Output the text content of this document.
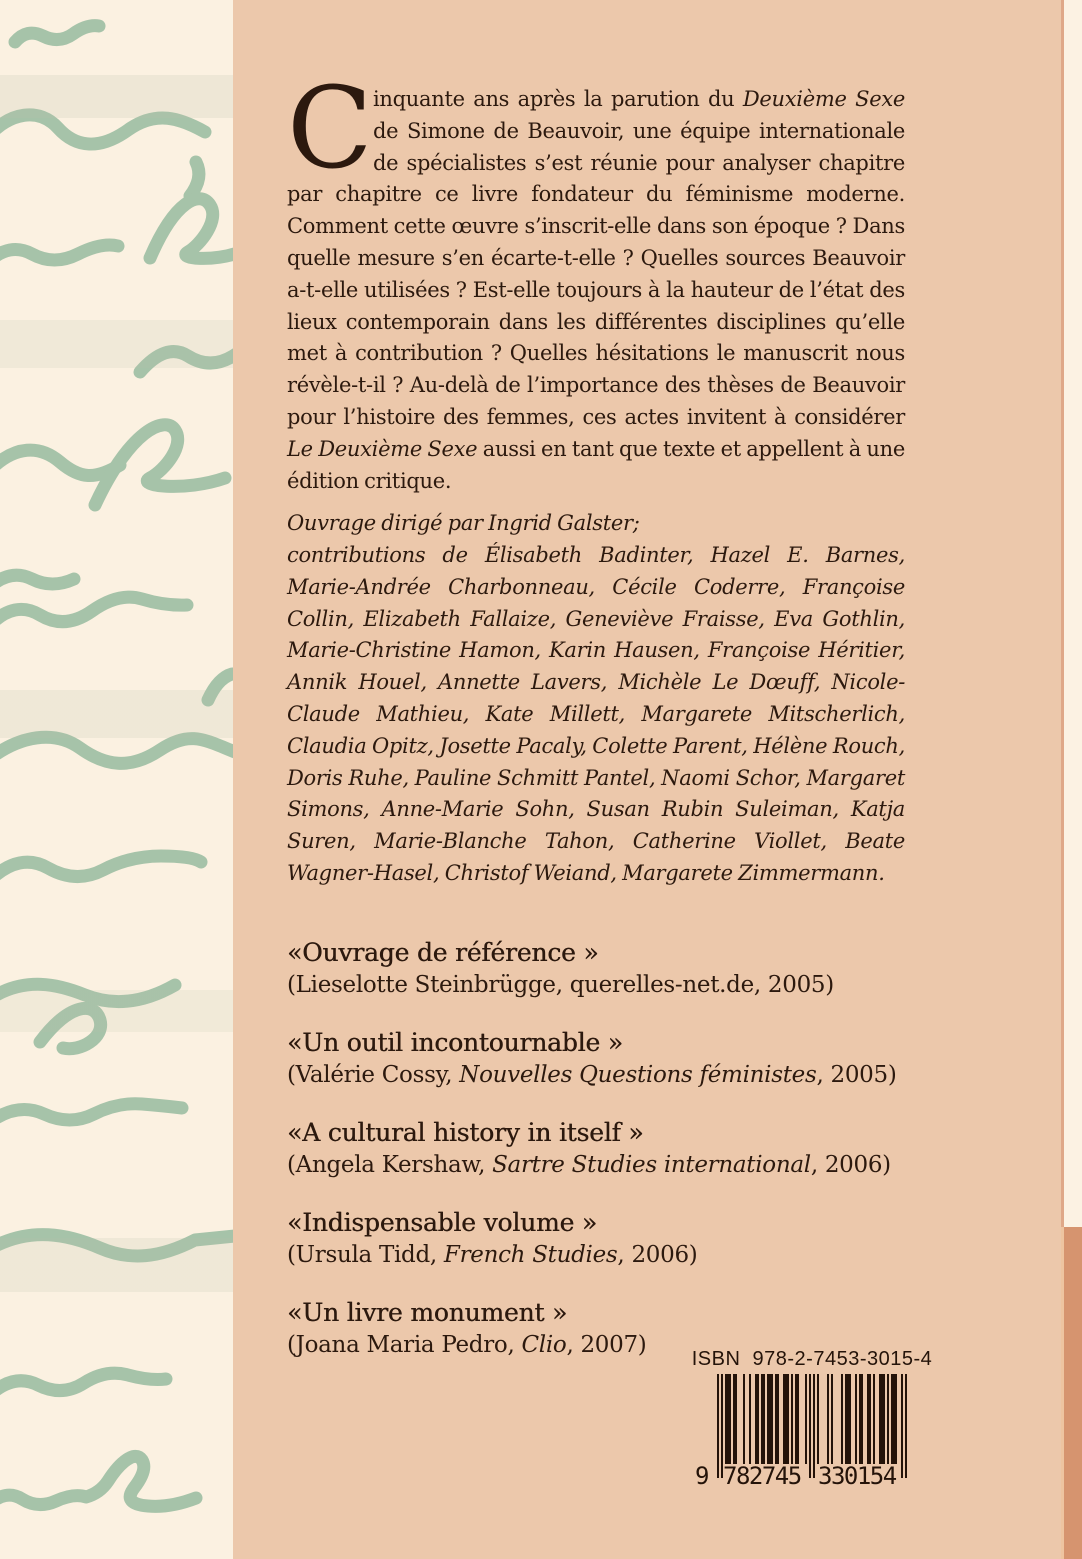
Cinquante ans après la parution du Deuxième Sexe de Simone de Beauvoir, une équipe internationale de spécialistes s’est réunie pour analyser chapitre par chapitre ce livre fondateur du féminisme moderne. Comment cette œuvre s’inscrit-elle dans son époque ? Dans quelle mesure s’en écarte-t-elle ? Quelles sources Beauvoir a-t-elle utilisées ? Est-elle toujours à la hauteur de l’état des lieux contemporain dans les différentes disciplines qu’elle met à contribution ? Quelles hésitations le manuscrit nous révèle-t-il ? Au-delà de l’importance des thèses de Beauvoir pour l’histoire des femmes, ces actes invitent à considérer Le Deuxième Sexe aussi en tant que texte et appellent à une édition critique.
Ouvrage dirigé par Ingrid Galster;
contributions de Élisabeth Badinter, Hazel E. Barnes, Marie-Andrée Charbonneau, Cécile Coderre, Françoise Collin, Elizabeth Fallaize, Geneviève Fraisse, Eva Gothlin, Marie-Christine Hamon, Karin Hausen, Françoise Héritier, Annik Houel, Annette Lavers, Michèle Le Dœuff, Nicole-Claude Mathieu, Kate Millett, Margarete Mitscherlich, Claudia Opitz, Josette Pacaly, Colette Parent, Hélène Rouch, Doris Ruhe, Pauline Schmitt Pantel, Naomi Schor, Margaret Simons, Anne-Marie Sohn, Susan Rubin Suleiman, Katja Suren, Marie-Blanche Tahon, Catherine Viollet, Beate Wagner-Hasel, Christof Weiand, Margarete Zimmermann.
«Ouvrage de référence »
(Lieselotte Steinbrügge, querelles-net.de, 2005)
«Un outil incontournable »
(Valérie Cossy, Nouvelles Questions féministes, 2005)
«A cultural history in itself »
(Angela Kershaw, Sartre Studies international, 2006)
«Indispensable volume »
(Ursula Tidd, French Studies, 2006)
«Un livre monument »
(Joana Maria Pedro, Clio, 2007)
ISBN  978-2-7453-3015-4
9 782745 330154
